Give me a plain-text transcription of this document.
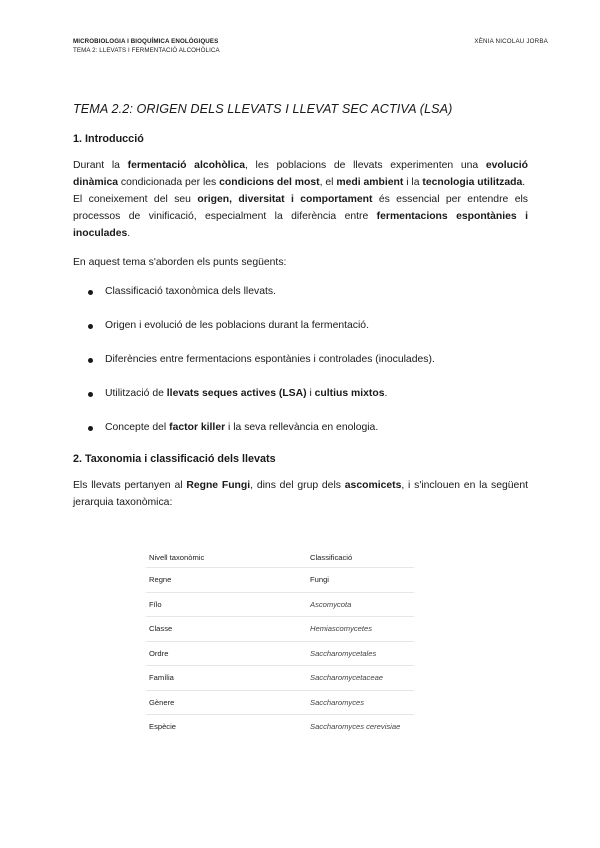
MICROBIOLOGIA I BIOQUÍMICA ENOLÒGIQUES
TEMA 2: LLEVATS I FERMENTACIÓ ALCOHÒLICA
XÈNIA NICOLAU JORBA
TEMA 2.2: ORIGEN DELS LLEVATS I LLEVAT SEC ACTIVA (LSA)
1. Introducció

Durant la fermentació alcohòlica, les poblacions de llevats experimenten una evolució dinàmica condicionada per les condicions del most, el medi ambient i la tecnologia utilitzada.

El coneixement del seu origen, diversitat i comportament és essencial per entendre els processos de vinificació, especialment la diferència entre fermentacions espontànies i inoculades.

En aquest tema s'aborden els punts següents:

Classificació taxonòmica dels llevats.
Origen i evolució de les poblacions durant la fermentació.
Diferències entre fermentacions espontànies i controlades (inoculades).
Utilització de llevats seques actives (LSA) i cultius mixtos.
Concepte del factor killer i la seva rellevància en enologia.
2. Taxonomia i classificació dels llevats

Els llevats pertanyen al Regne Fungi, dins del grup dels ascomicets, i s'inclouen en la següent jerarquia taxonòmica:

Nivell taxonòmic	Classificació
Regne	Fungi
Fílo	Ascomycota
Classe	Hemiascomycetes
Ordre	Saccharomycetales
Família	Saccharomycetaceae
Gènere	Saccharomyces
Espècie	Saccharomyces cerevisiae
